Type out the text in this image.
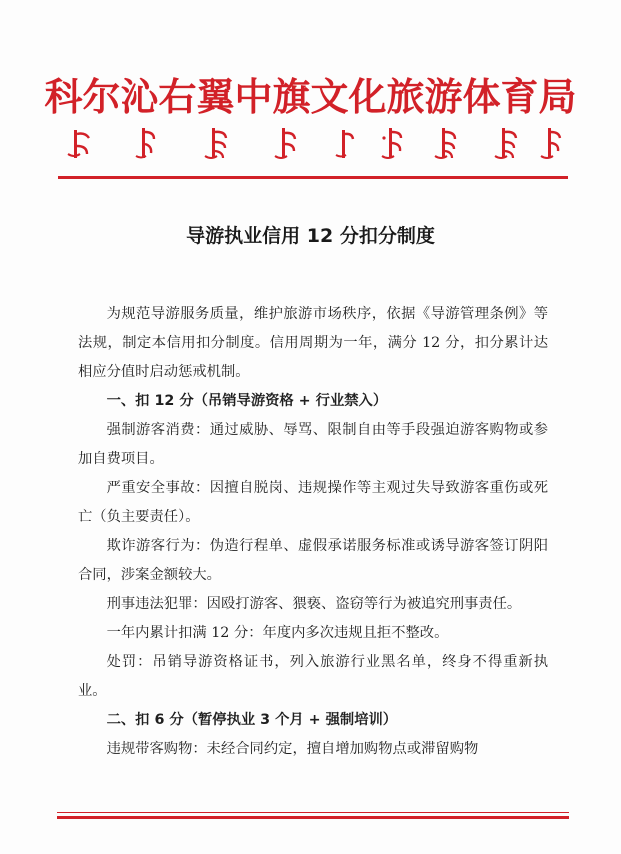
科尔沁右翼中旗文化旅游体育局
导游执业信用 12 分扣分制度

为规范导游服务质量，维护旅游市场秩序，依据《导游管理条例》等法规，制定本信用扣分制度。信用周期为一年，满分 12 分，扣分累计达相应分值时启动惩戒机制。

一、扣 12 分（吊销导游资格 + 行业禁入）

强制游客消费：通过威胁、辱骂、限制自由等手段强迫游客购物或参加自费项目。

严重安全事故：因擅自脱岗、违规操作等主观过失导致游客重伤或死亡（负主要责任）。

欺诈游客行为：伪造行程单、虚假承诺服务标准或诱导游客签订阴阳合同，涉案金额较大。

刑事违法犯罪：因殴打游客、猥亵、盗窃等行为被追究刑事责任。

一年内累计扣满 12 分：年度内多次违规且拒不整改。

处罚：吊销导游资格证书，列入旅游行业黑名单，终身不得重新执业。

二、扣 6 分（暂停执业 3 个月 + 强制培训）

违规带客购物：未经合同约定，擅自增加购物点或滞留购物
